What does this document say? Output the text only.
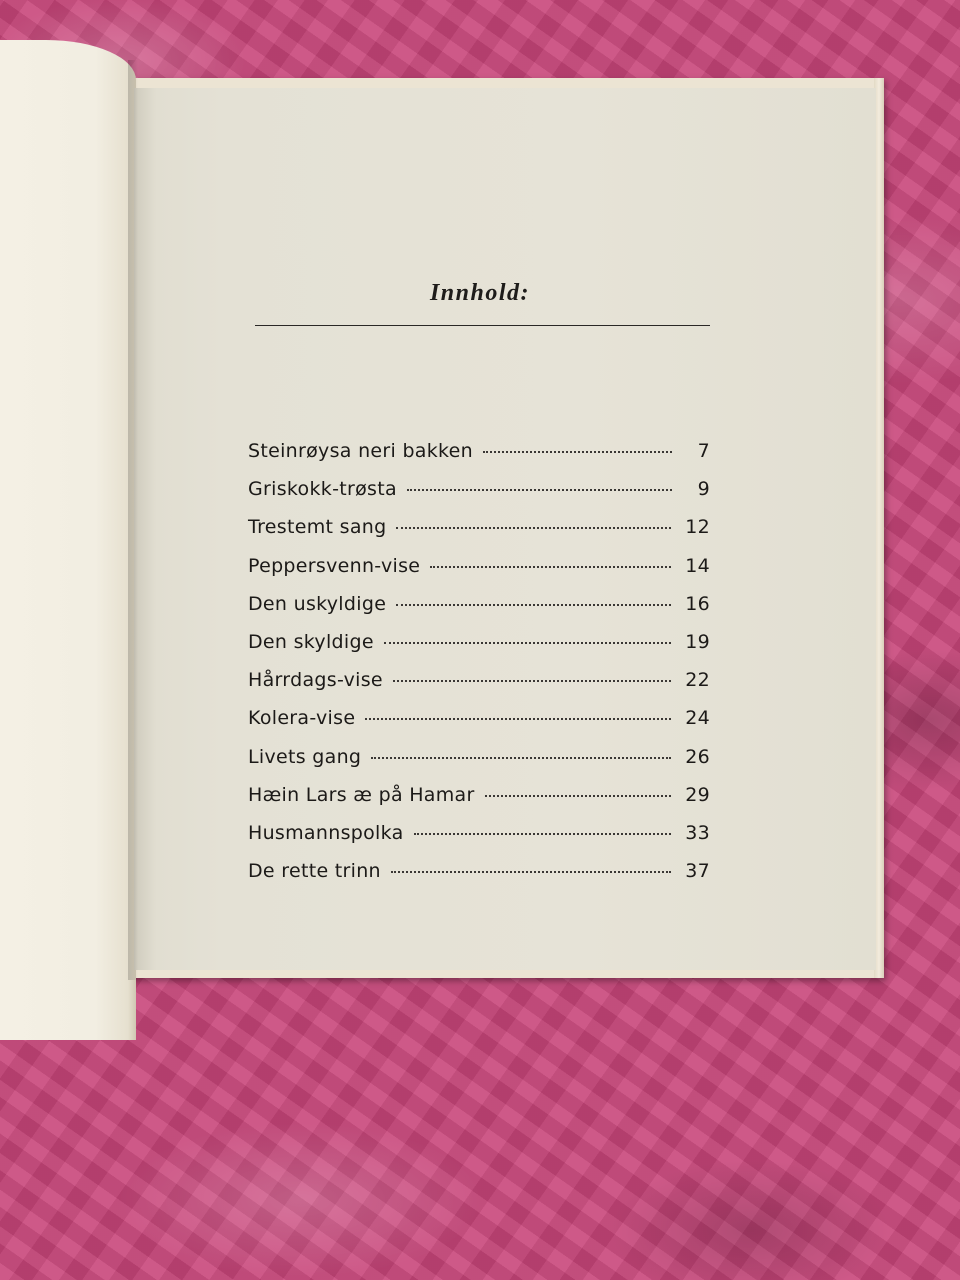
Innhold:
Steinrøysa neri bakken	7
Griskokk-trøsta	9
Trestemt sang	12
Peppersvenn-vise	14
Den uskyldige	16
Den skyldige	19
Hårrdags-vise	22
Kolera-vise	24
Livets gang	26
Hæin Lars æ på Hamar	29
Husmannspolka	33
De rette trinn	37
